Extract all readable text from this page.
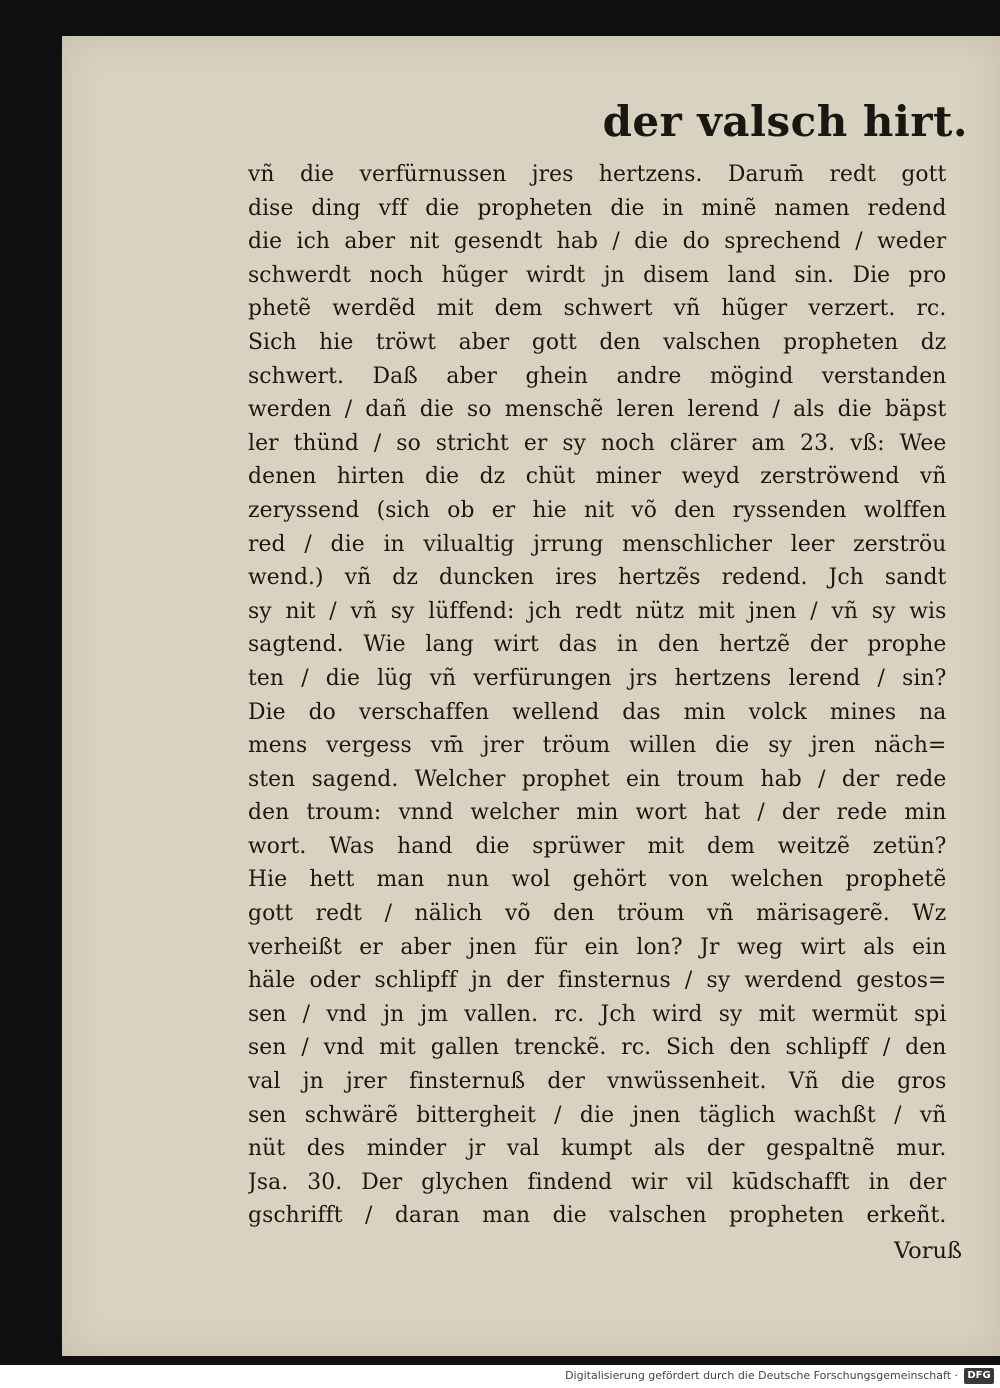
der valsch hirt.
vñ die verfürnussen jres hertzens. Darum̄ redt gott
dise ding vff die propheten die in minẽ namen redend
die ich aber nit gesendt hab / die do sprechend / weder
schwerdt noch hũger wirdt jn disem land sin. Die pro
phetẽ werdẽd mit dem schwert vñ hũger verzert. rc.
Sich hie tröwt aber gott den valschen propheten dz
schwert. Daß aber ghein andre mögind verstanden
werden / dañ die so menschẽ leren lerend / als die bäpst
ler thünd / so stricht er sy noch clärer am 23. vß: Wee
denen hirten die dz chüt miner weyd zerströwend vñ
zeryssend (sich ob er hie nit võ den ryssenden wolffen
red / die in vilualtig jrrung menschlicher leer zerströu
wend.) vñ dz duncken ires hertzẽs redend. Jch sandt
sy nit / vñ sy lüffend: jch redt nütz mit jnen / vñ sy wis
sagtend. Wie lang wirt das in den hertzẽ der prophe
ten / die lüg vñ verfürungen jrs hertzens lerend / sin?
Die do verschaffen wellend das min volck mines na
mens vergess vm̄ jrer tröum willen die sy jren näch=
sten sagend. Welcher prophet ein troum hab / der rede
den troum: vnnd welcher min wort hat / der rede min
wort. Was hand die sprüwer mit dem weitzẽ zetün?
Hie hett man nun wol gehört von welchen prophetẽ
gott redt / nälich võ den tröum vñ märisagerẽ. Wz
verheißt er aber jnen für ein lon? Jr weg wirt als ein
häle oder schlipff jn der finsternus / sy werdend gestos=
sen / vnd jn jm vallen. rc. Jch wird sy mit wermüt spi
sen / vnd mit gallen trenckẽ. rc. Sich den schlipff / den
val jn jrer finsternuß der vnwüssenheit. Vñ die gros
sen schwärẽ bittergheit / die jnen täglich wachßt / vñ
nüt des minder jr val kumpt als der gespaltnẽ mur.
Jsa. 30. Der glychen findend wir vil kūdschafft in der
gschrifft / daran man die valschen propheten erkeñt.
Voruß
Digitalisierung gefördert durch die Deutsche Forschungsgemeinschaft · DFG
